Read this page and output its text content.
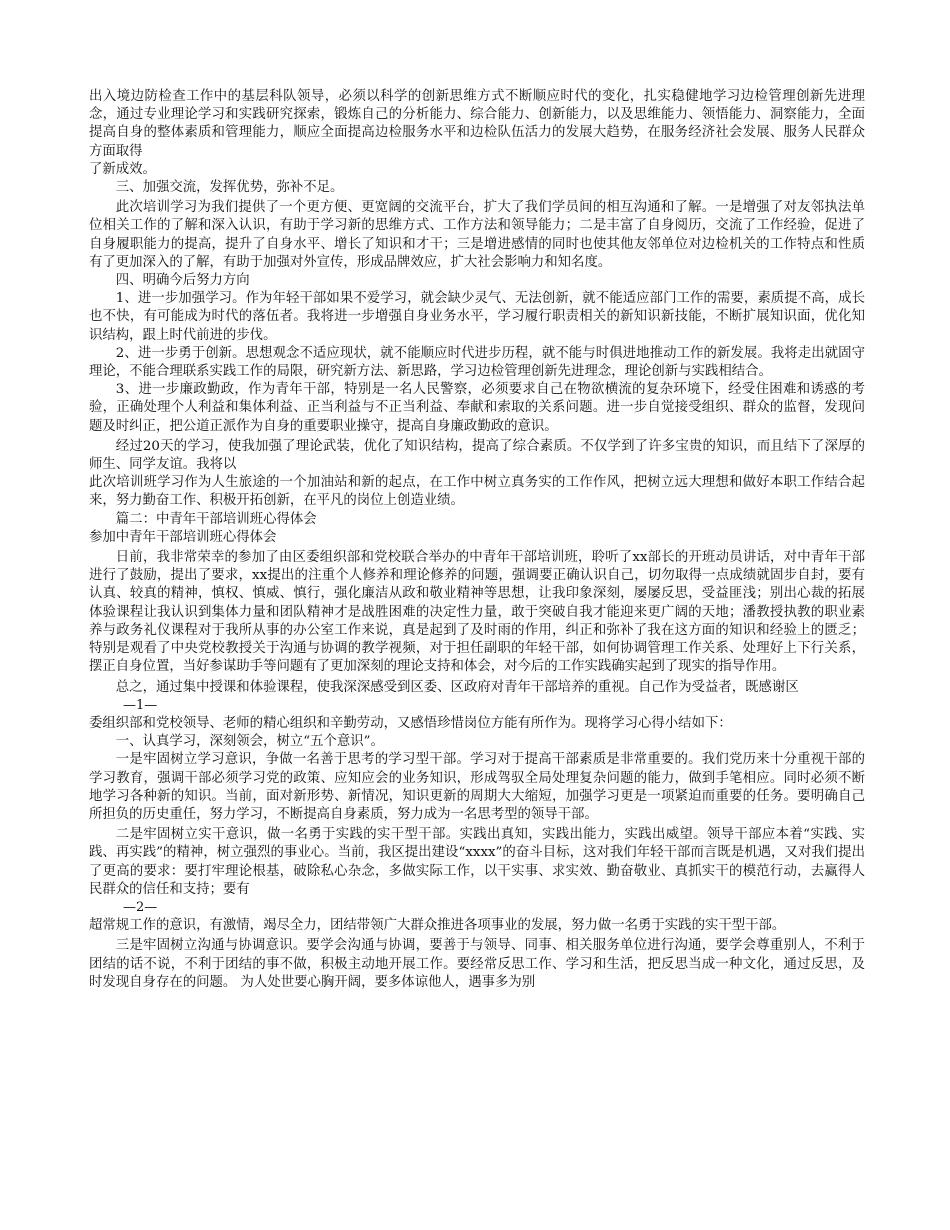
出入境边防检查工作中的基层科队领导，必须以科学的创新思维方式不断顺应时代的变化，扎实稳健地学习边检管理创新先进理念，通过专业理论学习和实践研究探索，锻炼自己的分析能力、综合能力、创新能力，以及思维能力、领悟能力、洞察能力，全面提高自身的整体素质和管理能力，顺应全面提高边检服务水平和边检队伍活力的发展大趋势，在服务经济社会发展、服务人民群众方面取得

了新成效。

三、加强交流，发挥优势，弥补不足。

此次培训学习为我们提供了一个更方便、更宽阔的交流平台，扩大了我们学员间的相互沟通和了解。一是增强了对友邻执法单位相关工作的了解和深入认识，有助于学习新的思维方式、工作方法和领导能力；二是丰富了自身阅历，交流了工作经验，促进了自身履职能力的提高，提升了自身水平、增长了知识和才干；三是增进感情的同时也使其他友邻单位对边检机关的工作特点和性质有了更加深入的了解，有助于加强对外宣传，形成品牌效应，扩大社会影响力和知名度。

四、明确今后努力方向

1、进一步加强学习。作为年轻干部如果不爱学习，就会缺少灵气、无法创新，就不能适应部门工作的需要，素质提不高，成长也不快，有可能成为时代的落伍者。我将进一步增强自身业务水平，学习履行职责相关的新知识新技能，不断扩展知识面，优化知识结构，跟上时代前进的步伐。

2、进一步勇于创新。思想观念不适应现状，就不能顺应时代进步历程，就不能与时俱进地推动工作的新发展。我将走出就固守理论，不能合理联系实践工作的局限，研究新方法、新思路，学习边检管理创新先进理念，理论创新与实践相结合。

3、进一步廉政勤政，作为青年干部，特别是一名人民警察，必须要求自己在物欲横流的复杂环境下，经受住困难和诱惑的考验，正确处理个人利益和集体利益、正当利益与不正当利益、奉献和索取的关系问题。进一步自觉接受组织、群众的监督，发现问题及时纠正，把公道正派作为自身的重要职业操守，提高自身廉政勤政的意识。

经过20天的学习，使我加强了理论武装，优化了知识结构，提高了综合素质。不仅学到了许多宝贵的知识，而且结下了深厚的师生、同学友谊。我将以

此次培训班学习作为人生旅途的一个加油站和新的起点，在工作中树立真务实的工作作风，把树立远大理想和做好本职工作结合起来，努力勤奋工作、积极开拓创新，在平凡的岗位上创造业绩。

篇二：中青年干部培训班心得体会

参加中青年干部培训班心得体会

日前，我非常荣幸的参加了由区委组织部和党校联合举办的中青年干部培训班，聆听了xx部长的开班动员讲话，对中青年干部进行了鼓励，提出了要求，xx提出的注重个人修养和理论修养的问题，强调要正确认识自己，切勿取得一点成绩就固步自封，要有认真、较真的精神，慎权、慎威、慎行，强化廉洁从政和敬业精神等思想，让我印象深刻，屡屡反思，受益匪浅；别出心裁的拓展体验课程让我认识到集体力量和团队精神才是战胜困难的决定性力量，敢于突破自我才能迎来更广阔的天地；潘教授执教的职业素养与政务礼仪课程对于我所从事的办公室工作来说，真是起到了及时雨的作用，纠正和弥补了我在这方面的知识和经验上的匮乏；特别是观看了中央党校教授关于沟通与协调的教学视频，对于担任副职的年轻干部，如何协调管理工作关系、处理好上下行关系，摆正自身位置，当好参谋助手等问题有了更加深刻的理论支持和体会，对今后的工作实践确实起到了现实的指导作用。

总之，通过集中授课和体验课程，使我深深感受到区委、区政府对青年干部培养的重视。自己作为受益者，既感谢区

—1—

委组织部和党校领导、老师的精心组织和辛勤劳动，又感悟珍惜岗位方能有所作为。现将学习心得小结如下：

一、认真学习，深刻领会，树立“五个意识”。

一是牢固树立学习意识，争做一名善于思考的学习型干部。学习对于提高干部素质是非常重要的。我们党历来十分重视干部的学习教育，强调干部必须学习党的政策、应知应会的业务知识，形成驾驭全局处理复杂问题的能力，做到手笔相应。同时必须不断地学习各种新的知识。当前，面对新形势、新情况，知识更新的周期大大缩短，加强学习更是一项紧迫而重要的任务。要明确自己所担负的历史重任，努力学习，不断提高自身素质，努力成为一名思考型的领导干部。

二是牢固树立实干意识，做一名勇于实践的实干型干部。实践出真知，实践出能力，实践出威望。领导干部应本着“实践、实践、再实践”的精神，树立强烈的事业心。当前，我区提出建设“xxxx”的奋斗目标，这对我们年轻干部而言既是机遇，又对我们提出了更高的要求：要打牢理论根基，破除私心杂念，多做实际工作，以干实事、求实效、勤奋敬业、真抓实干的模范行动，去赢得人民群众的信任和支持；要有

—2—

超常规工作的意识，有激情，竭尽全力，团结带领广大群众推进各项事业的发展，努力做一名勇于实践的实干型干部。

三是牢固树立沟通与协调意识。要学会沟通与协调，要善于与领导、同事、相关服务单位进行沟通，要学会尊重别人，不利于团结的话不说，不利于团结的事不做，积极主动地开展工作。要经常反思工作、学习和生活，把反思当成一种文化，通过反思，及时发现自身存在的问题。 为人处世要心胸开阔，要多体谅他人，遇事多为别
